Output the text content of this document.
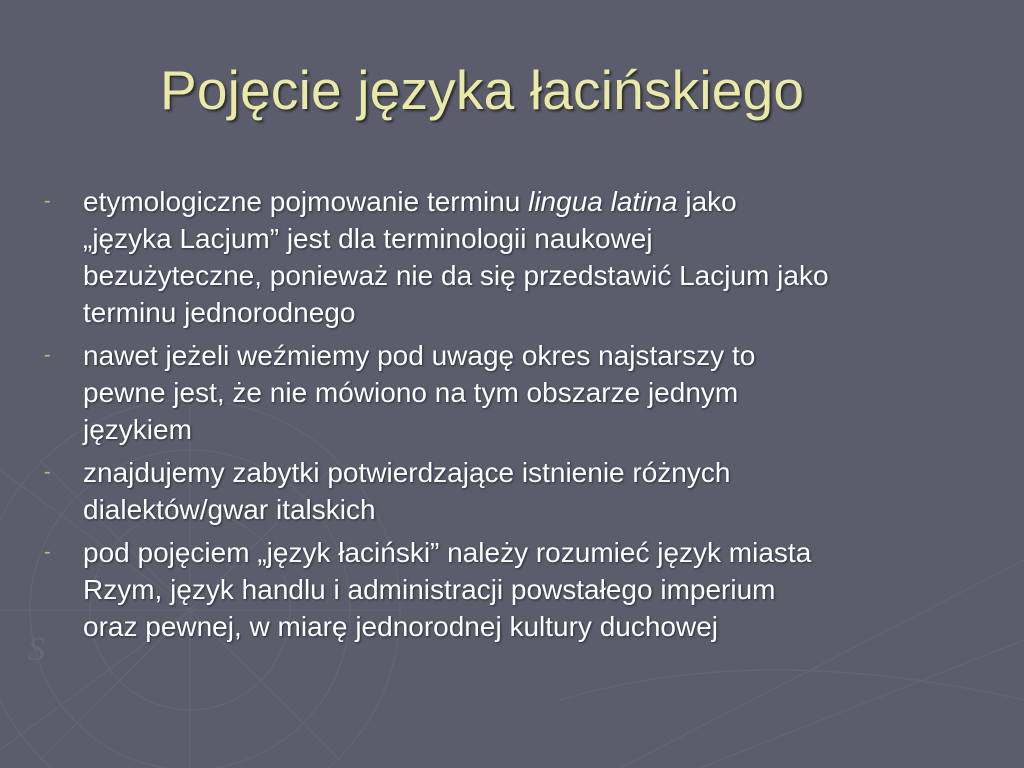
S
Pojęcie języka łacińskiego
- etymologiczne pojmowanie terminu lingua latina jako
„języka Lacjum” jest dla terminologii naukowej
bezużyteczne, ponieważ nie da się przedstawić Lacjum jako
terminu jednorodnego
- nawet jeżeli weźmiemy pod uwagę okres najstarszy to
pewne jest, że nie mówiono na tym obszarze jednym
językiem
- znajdujemy zabytki potwierdzające istnienie różnych
dialektów/gwar italskich
- pod pojęciem „język łaciński” należy rozumieć język miasta
Rzym, język handlu i administracji powstałego imperium
oraz pewnej, w miarę jednorodnej kultury duchowej
